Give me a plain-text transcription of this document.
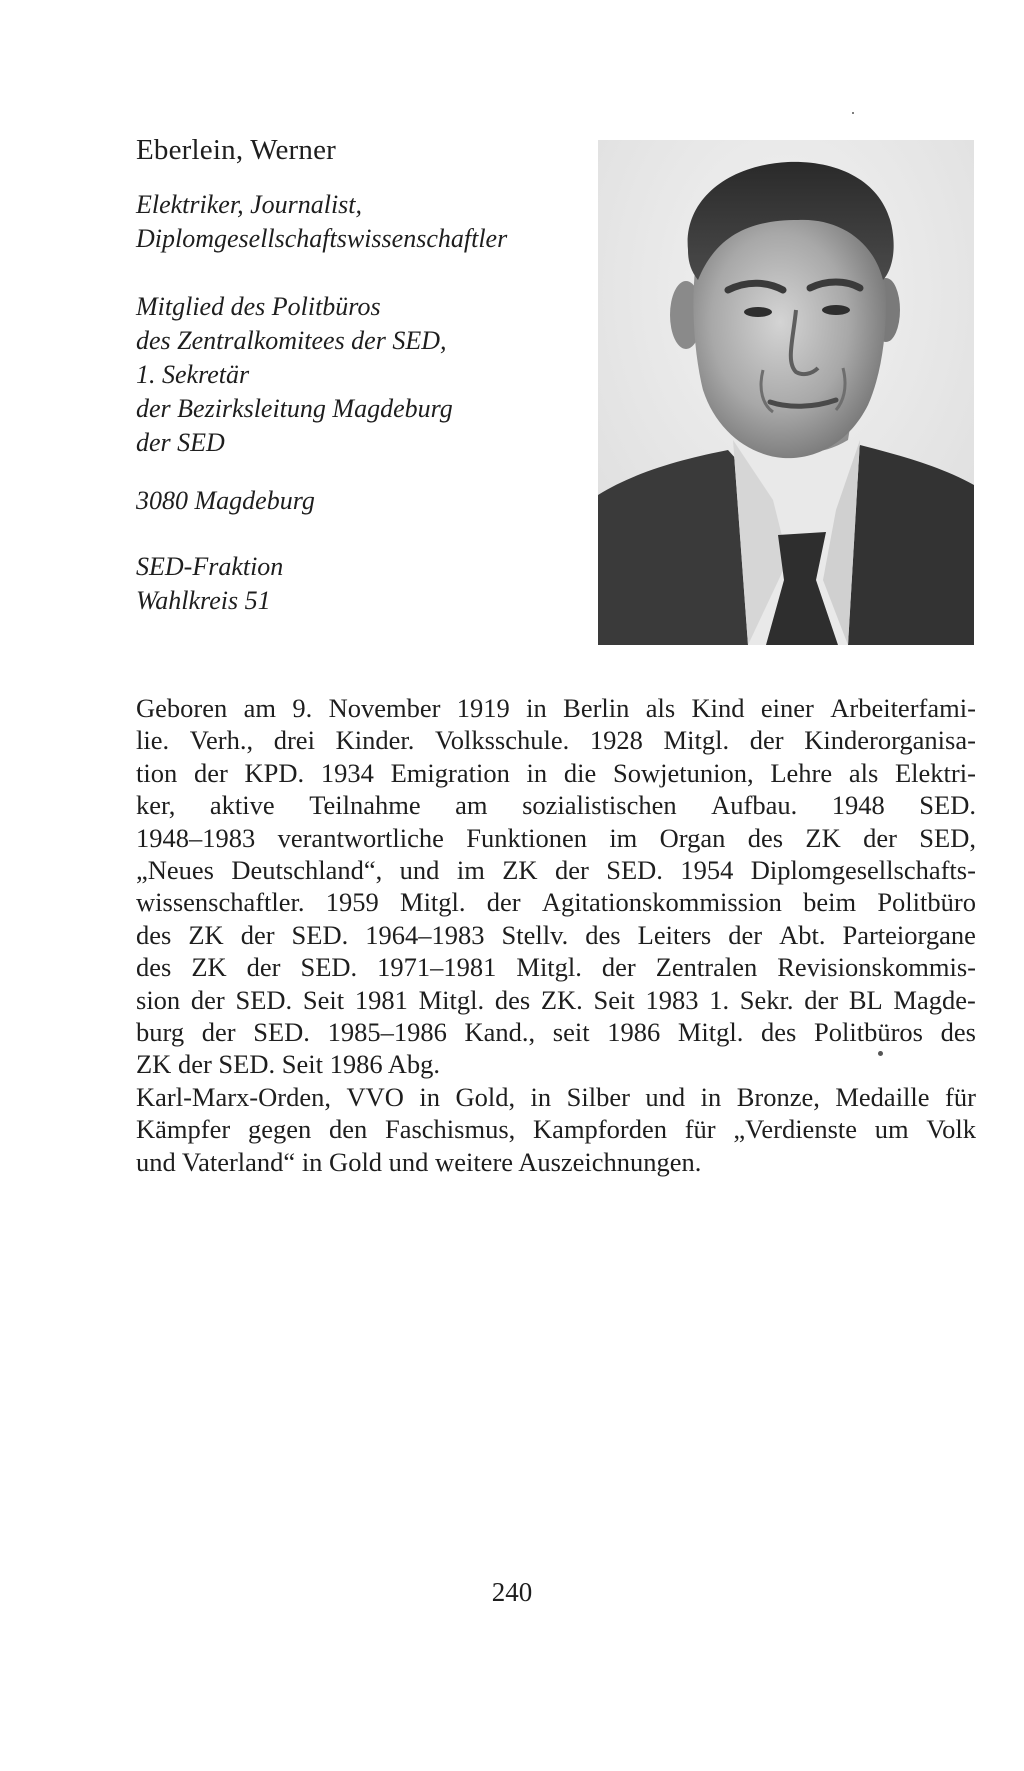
Eberlein, Werner
Elektriker, Journalist,
Diplomgesellschaftswissenschaftler
Mitglied des Politbüros
des Zentralkomitees der SED,
1. Sekretär
der Bezirksleitung Magdeburg
der SED
3080 Magdeburg
SED-Fraktion
Wahlkreis 51
Geboren am 9. November 1919 in Berlin als Kind einer Arbeiterfami-
lie. Verh., drei Kinder. Volksschule. 1928 Mitgl. der Kinderorganisa-
tion der KPD. 1934 Emigration in die Sowjetunion, Lehre als Elektri-
ker, aktive Teilnahme am sozialistischen Aufbau. 1948 SED.
1948–1983 verantwortliche Funktionen im Organ des ZK der SED,
„Neues Deutschland“, und im ZK der SED. 1954 Diplomgesellschafts-
wissenschaftler. 1959 Mitgl. der Agitationskommission beim Politbüro
des ZK der SED. 1964–1983 Stellv. des Leiters der Abt. Parteiorgane
des ZK der SED. 1971–1981 Mitgl. der Zentralen Revisionskommis-
sion der SED. Seit 1981 Mitgl. des ZK. Seit 1983 1. Sekr. der BL Magde-
burg der SED. 1985–1986 Kand., seit 1986 Mitgl. des Politbüros des
ZK der SED. Seit 1986 Abg.
Karl-Marx-Orden, VVO in Gold, in Silber und in Bronze, Medaille für
Kämpfer gegen den Faschismus, Kampforden für „Verdienste um Volk
und Vaterland“ in Gold und weitere Auszeichnungen.
240
